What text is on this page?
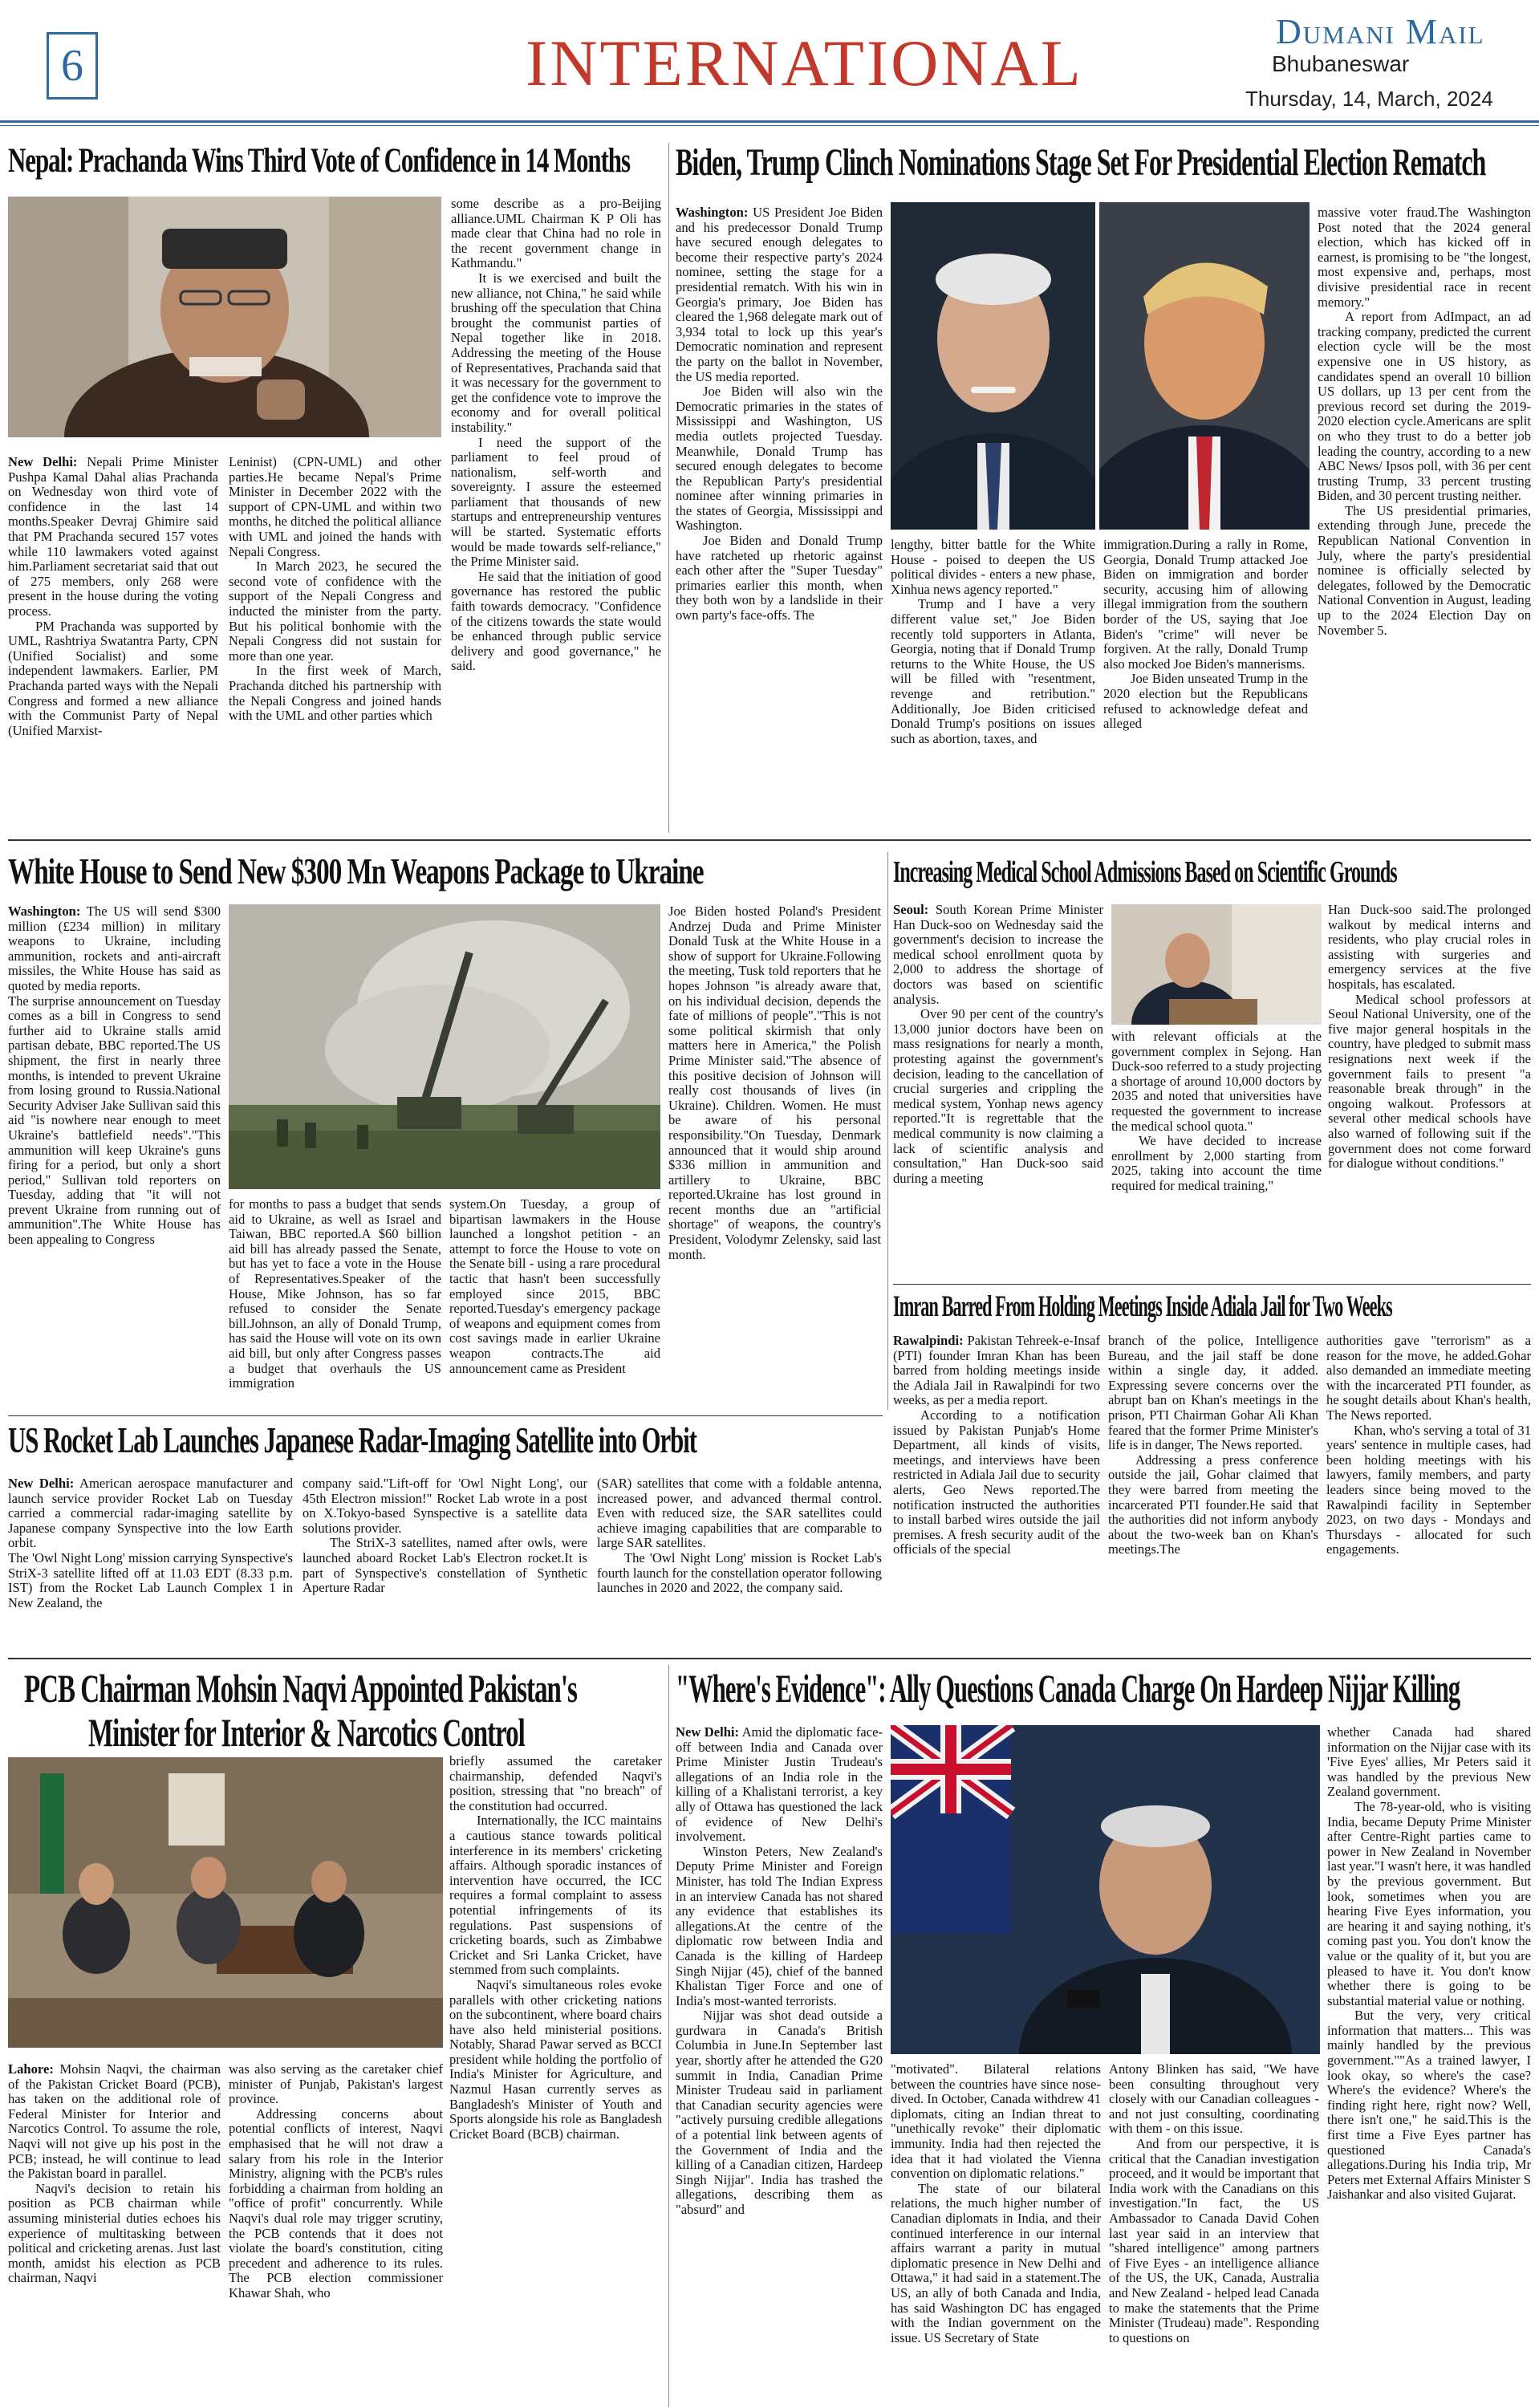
6	INTERNATIONAL	Dumani Mail
Bhubaneswar
Thursday, 14, March, 2024
Nepal: Prachanda Wins Third Vote of Confidence in 14 Months

New Delhi: Nepali Prime Minister Pushpa Kamal Dahal alias Prachanda on Wednesday won third vote of confidence in the last 14 months.Speaker Devraj Ghimire said that PM Prachanda secured 157 votes while 110 lawmakers voted against him.Parliament secretariat said that out of 275 members, only 268 were present in the house during the voting process.

PM Prachanda was supported by UML, Rashtriya Swatantra Party, CPN (Unified Socialist) and some independent lawmakers. Earlier, PM Prachanda parted ways with the Nepali Congress and formed a new alliance with the Communist Party of Nepal (Unified Marxist-

Leninist) (CPN-UML) and other parties.He became Nepal's Prime Minister in December 2022 with the support of CPN-UML and within two months, he ditched the political alliance with UML and joined the hands with Nepali Congress.

In March 2023, he secured the second vote of confidence with the support of the Nepali Congress and inducted the minister from the party. But his political bonhomie with the Nepali Congress did not sustain for more than one year.

In the first week of March, Prachanda ditched his partnership with the Nepali Congress and joined hands with the UML and other parties which

some describe as a pro-Beijing alliance.UML Chairman K P Oli has made clear that China had no role in the recent government change in Kathmandu."

It is we exercised and built the new alliance, not China," he said while brushing off the speculation that China brought the communist parties of Nepal together like in 2018. Addressing the meeting of the House of Representatives, Prachanda said that it was necessary for the government to get the confidence vote to improve the economy and for overall political instability."

I need the support of the parliament to feel proud of nationalism, self-worth and sovereignty. I assure the esteemed parliament that thousands of new startups and entrepreneurship ventures will be started. Systematic efforts would be made towards self-reliance," the Prime Minister said.

He said that the initiation of good governance has restored the public faith towards democracy. "Confidence of the citizens towards the state would be enhanced through public service delivery and good governance," he said.

Biden, Trump Clinch Nominations Stage Set For Presidential Election Rematch

Washington: US President Joe Biden and his predecessor Donald Trump have secured enough delegates to become their respective party's 2024 nominee, setting the stage for a presidential rematch. With his win in Georgia's primary, Joe Biden has cleared the 1,968 delegate mark out of 3,934 total to lock up this year's Democratic nomination and represent the party on the ballot in November, the US media reported.

Joe Biden will also win the Democratic primaries in the states of Mississippi and Washington, US media outlets projected Tuesday. Meanwhile, Donald Trump has secured enough delegates to become the Republican Party's presidential nominee after winning primaries in the states of Georgia, Mississippi and Washington.

Joe Biden and Donald Trump have ratcheted up rhetoric against each other after the "Super Tuesday" primaries earlier this month, when they both won by a landslide in their own party's face-offs. The

lengthy, bitter battle for the White House - poised to deepen the US political divides - enters a new phase, Xinhua news agency reported."

Trump and I have a very different value set," Joe Biden recently told supporters in Atlanta, Georgia, noting that if Donald Trump returns to the White House, the US will be filled with "resentment, revenge and retribution." Additionally, Joe Biden criticised Donald Trump's positions on issues such as abortion, taxes, and

immigration.During a rally in Rome, Georgia, Donald Trump attacked Joe Biden on immigration and border security, accusing him of allowing illegal immigration from the southern border of the US, saying that Joe Biden's "crime" will never be forgiven. At the rally, Donald Trump also mocked Joe Biden's mannerisms.

Joe Biden unseated Trump in the 2020 election but the Republicans refused to acknowledge defeat and alleged

massive voter fraud.The Washington Post noted that the 2024 general election, which has kicked off in earnest, is promising to be "the longest, most expensive and, perhaps, most divisive presidential race in recent memory."

A report from AdImpact, an ad tracking company, predicted the current election cycle will be the most expensive one in US history, as candidates spend an overall 10 billion US dollars, up 13 per cent from the previous record set during the 2019-2020 election cycle.Americans are split on who they trust to do a better job leading the country, according to a new ABC News/ Ipsos poll, with 36 per cent trusting Trump, 33 percent trusting Biden, and 30 percent trusting neither.

The US presidential primaries, extending through June, precede the Republican National Convention in July, where the party's presidential nominee is officially selected by delegates, followed by the Democratic National Convention in August, leading up to the 2024 Election Day on November 5.

White House to Send New $300 Mn Weapons Package to Ukraine

Washington: The US will send $300 million (£234 million) in military weapons to Ukraine, including ammunition, rockets and anti-aircraft missiles, the White House has said as quoted by media reports.

The surprise announcement on Tuesday comes as a bill in Congress to send further aid to Ukraine stalls amid partisan debate, BBC reported.The US shipment, the first in nearly three months, is intended to prevent Ukraine from losing ground to Russia.National Security Adviser Jake Sullivan said this aid "is nowhere near enough to meet Ukraine's battlefield needs"."This ammunition will keep Ukraine's guns firing for a period, but only a short period," Sullivan told reporters on Tuesday, adding that "it will not prevent Ukraine from running out of ammunition".The White House has been appealing to Congress

for months to pass a budget that sends aid to Ukraine, as well as Israel and Taiwan, BBC reported.A $60 billion aid bill has already passed the Senate, but has yet to face a vote in the House of Representatives.Speaker of the House, Mike Johnson, has so far refused to consider the Senate bill.Johnson, an ally of Donald Trump, has said the House will vote on its own aid bill, but only after Congress passes a budget that overhauls the US immigration

system.On Tuesday, a group of bipartisan lawmakers in the House launched a longshot petition - an attempt to force the House to vote on the Senate bill - using a rare procedural tactic that hasn't been successfully employed since 2015, BBC reported.Tuesday's emergency package of weapons and equipment comes from cost savings made in earlier Ukraine weapon contracts.The aid announcement came as President

Joe Biden hosted Poland's President Andrzej Duda and Prime Minister Donald Tusk at the White House in a show of support for Ukraine.Following the meeting, Tusk told reporters that he hopes Johnson "is already aware that, on his individual decision, depends the fate of millions of people"."This is not some political skirmish that only matters here in America," the Polish Prime Minister said."The absence of this positive decision of Johnson will really cost thousands of lives (in Ukraine). Children. Women. He must be aware of his personal responsibility."On Tuesday, Denmark announced that it would ship around $336 million in ammunition and artillery to Ukraine, BBC reported.Ukraine has lost ground in recent months due an "artificial shortage" of weapons, the country's President, Volodymr Zelensky, said last month.

Increasing Medical School Admissions Based on Scientific Grounds

Seoul: South Korean Prime Minister Han Duck-soo on Wednesday said the government's decision to increase the medical school enrollment quota by 2,000 to address the shortage of doctors was based on scientific analysis.

Over 90 per cent of the country's 13,000 junior doctors have been on mass resignations for nearly a month, protesting against the government's decision, leading to the cancellation of crucial surgeries and crippling the medical system, Yonhap news agency reported."It is regrettable that the medical community is now claiming a lack of scientific analysis and consultation," Han Duck-soo said during a meeting

with relevant officials at the government complex in Sejong. Han Duck-soo referred to a study projecting a shortage of around 10,000 doctors by 2035 and noted that universities have requested the government to increase the medical school quota."

We have decided to increase enrollment by 2,000 starting from 2025, taking into account the time required for medical training,"

Han Duck-soo said.The prolonged walkout by medical interns and residents, who play crucial roles in assisting with surgeries and emergency services at the five hospitals, has escalated.

Medical school professors at Seoul National University, one of the five major general hospitals in the country, have pledged to submit mass resignations next week if the government fails to present "a reasonable break through" in the ongoing walkout. Professors at several other medical schools have also warned of following suit if the government does not come forward for dialogue without conditions."

Imran Barred From Holding Meetings Inside Adiala Jail for Two Weeks

Rawalpindi: Pakistan Tehreek-e-Insaf (PTI) founder Imran Khan has been barred from holding meetings inside the Adiala Jail in Rawalpindi for two weeks, as per a media report.

According to a notification issued by Pakistan Punjab's Home Department, all kinds of visits, meetings, and interviews have been restricted in Adiala Jail due to security alerts, Geo News reported.The notification instructed the authorities to install barbed wires outside the jail premises. A fresh security audit of the officials of the special

branch of the police, Intelligence Bureau, and the jail staff be done within a single day, it added. Expressing severe concerns over the abrupt ban on Khan's meetings in the prison, PTI Chairman Gohar Ali Khan feared that the former Prime Minister's life is in danger, The News reported.

Addressing a press conference outside the jail, Gohar claimed that they were barred from meeting the incarcerated PTI founder.He said that the authorities did not inform anybody about the two-week ban on Khan's meetings.The

authorities gave "terrorism" as a reason for the move, he added.Gohar also demanded an immediate meeting with the incarcerated PTI founder, as he sought details about Khan's health, The News reported.

Khan, who's serving a total of 31 years' sentence in multiple cases, had been holding meetings with his lawyers, family members, and party leaders since being moved to the Rawalpindi facility in September 2023, on two days - Mondays and Thursdays - allocated for such engagements.

US Rocket Lab Launches Japanese Radar-Imaging Satellite into Orbit

New Delhi: American aerospace manufacturer and launch service provider Rocket Lab on Tuesday carried a commercial radar-imaging satellite by Japanese company Synspective into the low Earth orbit.

The 'Owl Night Long' mission carrying Synspective's StriX-3 satellite lifted off at 11.03 EDT (8.33 p.m. IST) from the Rocket Lab Launch Complex 1 in New Zealand, the

company said."Lift-off for 'Owl Night Long', our 45th Electron mission!" Rocket Lab wrote in a post on X.Tokyo-based Synspective is a satellite data solutions provider.

The StriX-3 satellites, named after owls, were launched aboard Rocket Lab's Electron rocket.It is part of Synspective's constellation of Synthetic Aperture Radar

(SAR) satellites that come with a foldable antenna, increased power, and advanced thermal control. Even with reduced size, the SAR satellites could achieve imaging capabilities that are comparable to large SAR satellites.

The 'Owl Night Long' mission is Rocket Lab's fourth launch for the constellation operator following launches in 2020 and 2022, the company said.

PCB Chairman Mohsin Naqvi Appointed Pakistan's
Minister for Interior & Narcotics Control

Lahore: Mohsin Naqvi, the chairman of the Pakistan Cricket Board (PCB), has taken on the additional role of Federal Minister for Interior and Narcotics Control. To assume the role, Naqvi will not give up his post in the PCB; instead, he will continue to lead the Pakistan board in parallel.

Naqvi's decision to retain his position as PCB chairman while assuming ministerial duties echoes his experience of multitasking between political and cricketing arenas. Just last month, amidst his election as PCB chairman, Naqvi

was also serving as the caretaker chief minister of Punjab, Pakistan's largest province.

Addressing concerns about potential conflicts of interest, Naqvi emphasised that he will not draw a salary from his role in the Interior Ministry, aligning with the PCB's rules forbidding a chairman from holding an "office of profit" concurrently. While Naqvi's dual role may trigger scrutiny, the PCB contends that it does not violate the board's constitution, citing precedent and adherence to its rules. The PCB election commissioner Khawar Shah, who

briefly assumed the caretaker chairmanship, defended Naqvi's position, stressing that "no breach" of the constitution had occurred.

Internationally, the ICC maintains a cautious stance towards political interference in its members' cricketing affairs. Although sporadic instances of intervention have occurred, the ICC requires a formal complaint to assess potential infringements of its regulations. Past suspensions of cricketing boards, such as Zimbabwe Cricket and Sri Lanka Cricket, have stemmed from such complaints.

Naqvi's simultaneous roles evoke parallels with other cricketing nations on the subcontinent, where board chairs have also held ministerial positions. Notably, Sharad Pawar served as BCCI president while holding the portfolio of India's Minister for Agriculture, and Nazmul Hasan currently serves as Bangladesh's Minister of Youth and Sports alongside his role as Bangladesh Cricket Board (BCB) chairman.

"Where's Evidence": Ally Questions Canada Charge On Hardeep Nijjar Killing

New Delhi: Amid the diplomatic face-off between India and Canada over Prime Minister Justin Trudeau's allegations of an India role in the killing of a Khalistani terrorist, a key ally of Ottawa has questioned the lack of evidence of New Delhi's involvement.

Winston Peters, New Zealand's Deputy Prime Minister and Foreign Minister, has told The Indian Express in an interview Canada has not shared any evidence that establishes its allegations.At the centre of the diplomatic row between India and Canada is the killing of Hardeep Singh Nijjar (45), chief of the banned Khalistan Tiger Force and one of India's most-wanted terrorists.

Nijjar was shot dead outside a gurdwara in Canada's British Columbia in June.In September last year, shortly after he attended the G20 summit in India, Canadian Prime Minister Trudeau said in parliament that Canadian security agencies were "actively pursuing credible allegations of a potential link between agents of the Government of India and the killing of a Canadian citizen, Hardeep Singh Nijjar". India has trashed the allegations, describing them as "absurd" and

"motivated". Bilateral relations between the countries have since nose-dived. In October, Canada withdrew 41 diplomats, citing an Indian threat to "unethically revoke" their diplomatic immunity. India had then rejected the idea that it had violated the Vienna convention on diplomatic relations."

The state of our bilateral relations, the much higher number of Canadian diplomats in India, and their continued interference in our internal affairs warrant a parity in mutual diplomatic presence in New Delhi and Ottawa," it had said in a statement.The US, an ally of both Canada and India, has said Washington DC has engaged with the Indian government on the issue. US Secretary of State

Antony Blinken has said, "We have been consulting throughout very closely with our Canadian colleagues - and not just consulting, coordinating with them - on this issue.

And from our perspective, it is critical that the Canadian investigation proceed, and it would be important that India work with the Canadians on this investigation."In fact, the US Ambassador to Canada David Cohen last year said in an interview that "shared intelligence" among partners of Five Eyes - an intelligence alliance of the US, the UK, Canada, Australia and New Zealand - helped lead Canada to make the statements that the Prime Minister (Trudeau) made". Responding to questions on

whether Canada had shared information on the Nijjar case with its 'Five Eyes' allies, Mr Peters said it was handled by the previous New Zealand government.

The 78-year-old, who is visiting India, became Deputy Prime Minister after Centre-Right parties came to power in New Zealand in November last year."I wasn't here, it was handled by the previous government. But look, sometimes when you are hearing Five Eyes information, you are hearing it and saying nothing, it's coming past you. You don't know the value or the quality of it, but you are pleased to have it. You don't know whether there is going to be substantial material value or nothing.

But the very, very critical information that matters... This was mainly handled by the previous government.""As a trained lawyer, I look okay, so where's the case? Where's the evidence? Where's the finding right here, right now? Well, there isn't one," he said.This is the first time a Five Eyes partner has questioned Canada's allegations.During his India trip, Mr Peters met External Affairs Minister S Jaishankar and also visited Gujarat.
